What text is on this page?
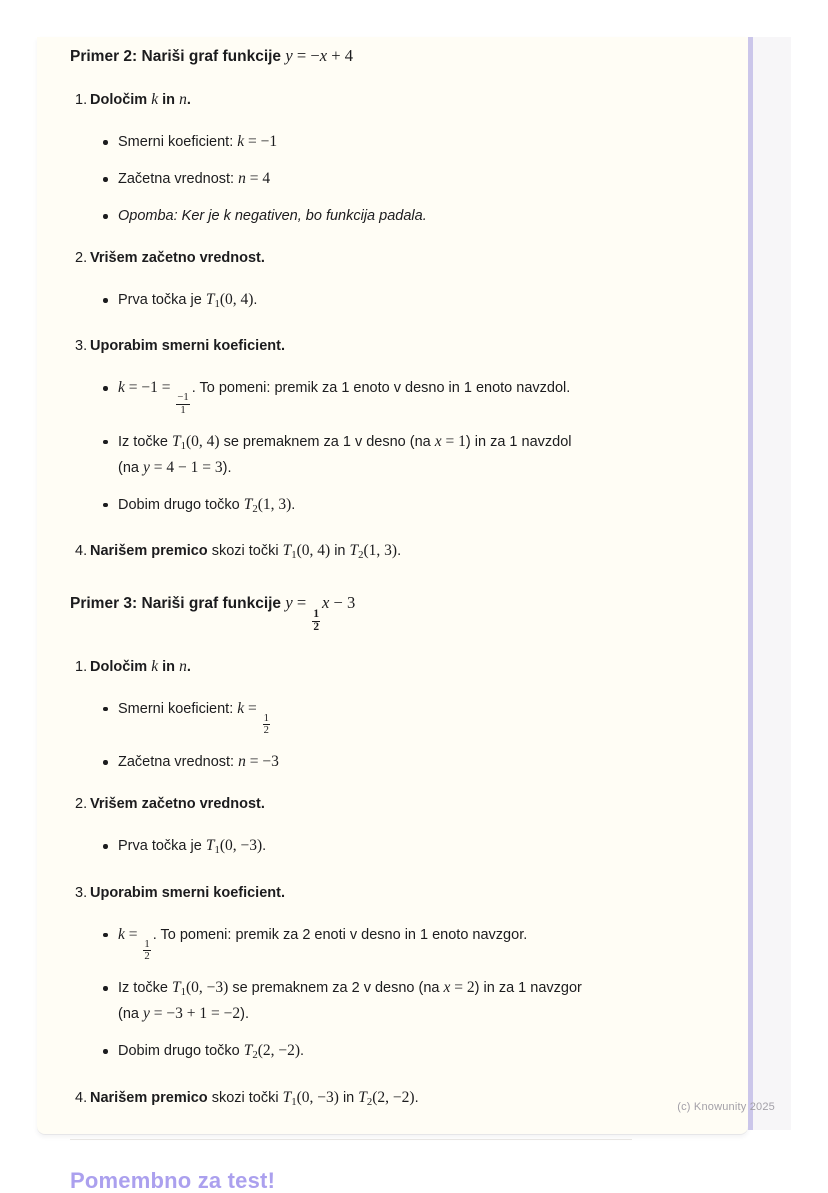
Primer 2: Nariši graf funkcije y = −x + 4
1. Določim k in n.
Smerni koeficient: k = −1
Začetna vrednost: n = 4
Opomba: Ker je k negativen, bo funkcija padala.
2. Vrišem začetno vrednost.
Prva točka je $T_1(0$, 4).
3. Uporabim smerni koeficient.
k = −1 =
$\frac{-1}{1}$
. To pomeni: premik za 1 enoto v desno in 1 enoto navzdol.
Iz točke $T_1(0$, 4) se premaknem za 1 v desno (na x = 1) in za 1 navzdol (na y = 4 − 1 = 3).
Dobim drugo točko $T_2(1$, 3).
4. Narišem premico skozi točki $T_1(0$, 4) in $T_2(1$, 3).
Primer 3: Nariši graf funkcije y =
$\frac{1}{2}$
x − 3
1. Določim k in n.
Smerni koeficient: k =
$\frac{1}{2}$
Začetna vrednost: n = −3
2. Vrišem začetno vrednost.
Prva točka je $T_1(0$, −3).
3. Uporabim smerni koeficient.
k =
$\frac{1}{2}$
. To pomeni: premik za 2 enoti v desno in 1 enoto navzgor.
Iz točke $T_1(0$, −3) se premaknem za 2 v desno (na x = 2) in za 1 navzgor (na y = −3 + 1 = −2).
Dobim drugo točko $T_2(2$, −2).
4. Narišem premico skozi točki $T_1(0$, −3) in $T_2(2$, −2).
Pomembno za test!
(c) Knowunity 2025
